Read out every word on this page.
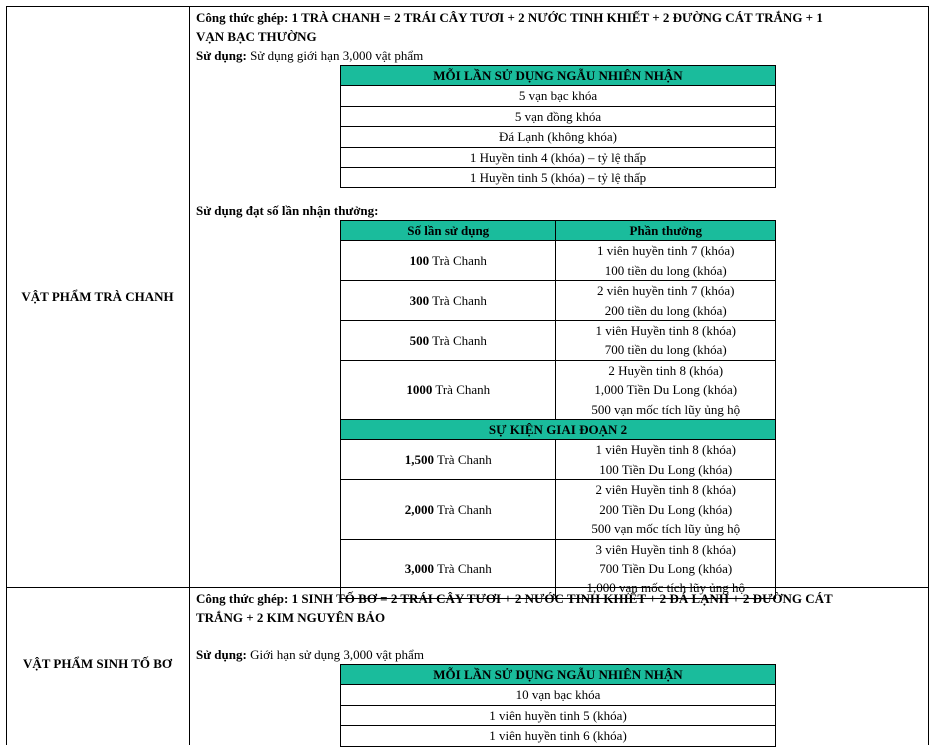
VẬT PHẨM TRÀ CHANH
Công thức ghép: 1 TRÀ CHANH = 2 TRÁI CÂY TƯƠI + 2 NƯỚC TINH KHIẾT + 2 ĐƯỜNG CÁT TRẮNG + 1
VẠN BẠC THƯỜNG
Sử dụng: Sử dụng giới hạn 3,000 vật phẩm
MỖI LẦN SỬ DỤNG NGẪU NHIÊN NHẬN
5 vạn bạc khóa
5 vạn đồng khóa
Đá Lạnh (không khóa)
1 Huyền tinh 4 (khóa) – tỷ lệ thấp
1 Huyền tinh 5 (khóa) – tỷ lệ thấp
Sử dụng đạt số lần nhận thưởng:
Số lần sử dụng	Phần thưởng
100 Trà Chanh	1 viên huyền tinh 7 (khóa)
100 tiền du long (khóa)
300 Trà Chanh	2 viên huyền tinh 7 (khóa)
200 tiền du long (khóa)
500 Trà Chanh	1 viên Huyền tinh 8 (khóa)
700 tiền du long (khóa)
1000 Trà Chanh	2 Huyền tinh 8 (khóa)
1,000 Tiền Du Long (khóa)
500 vạn mốc tích lũy ủng hộ
SỰ KIỆN GIAI ĐOẠN 2	
1,500 Trà Chanh	1 viên Huyền tinh 8 (khóa)
100 Tiền Du Long (khóa)
2,000 Trà Chanh	2 viên Huyền tinh 8 (khóa)
200 Tiền Du Long (khóa)
500 vạn mốc tích lũy ủng hộ
3,000 Trà Chanh	3 viên Huyền tinh 8 (khóa)
700 Tiền Du Long (khóa)
1,000 vạn mốc tích lũy ủng hộ
VẬT PHẨM SINH TỐ BƠ
Công thức ghép: 1 SINH TỐ BƠ = 2 TRÁI CÂY TƯƠI + 2 NƯỚC TINH KHIẾT + 2 ĐÁ LẠNH + 2 ĐƯỜNG CÁT
TRẮNG + 2 KIM NGUYÊN BẢO

Sử dụng: Giới hạn sử dụng 3,000 vật phẩm
MỖI LẦN SỬ DỤNG NGẪU NHIÊN NHẬN
10 vạn bạc khóa
1 viên huyền tinh 5 (khóa)
1 viên huyền tinh 6 (khóa)
